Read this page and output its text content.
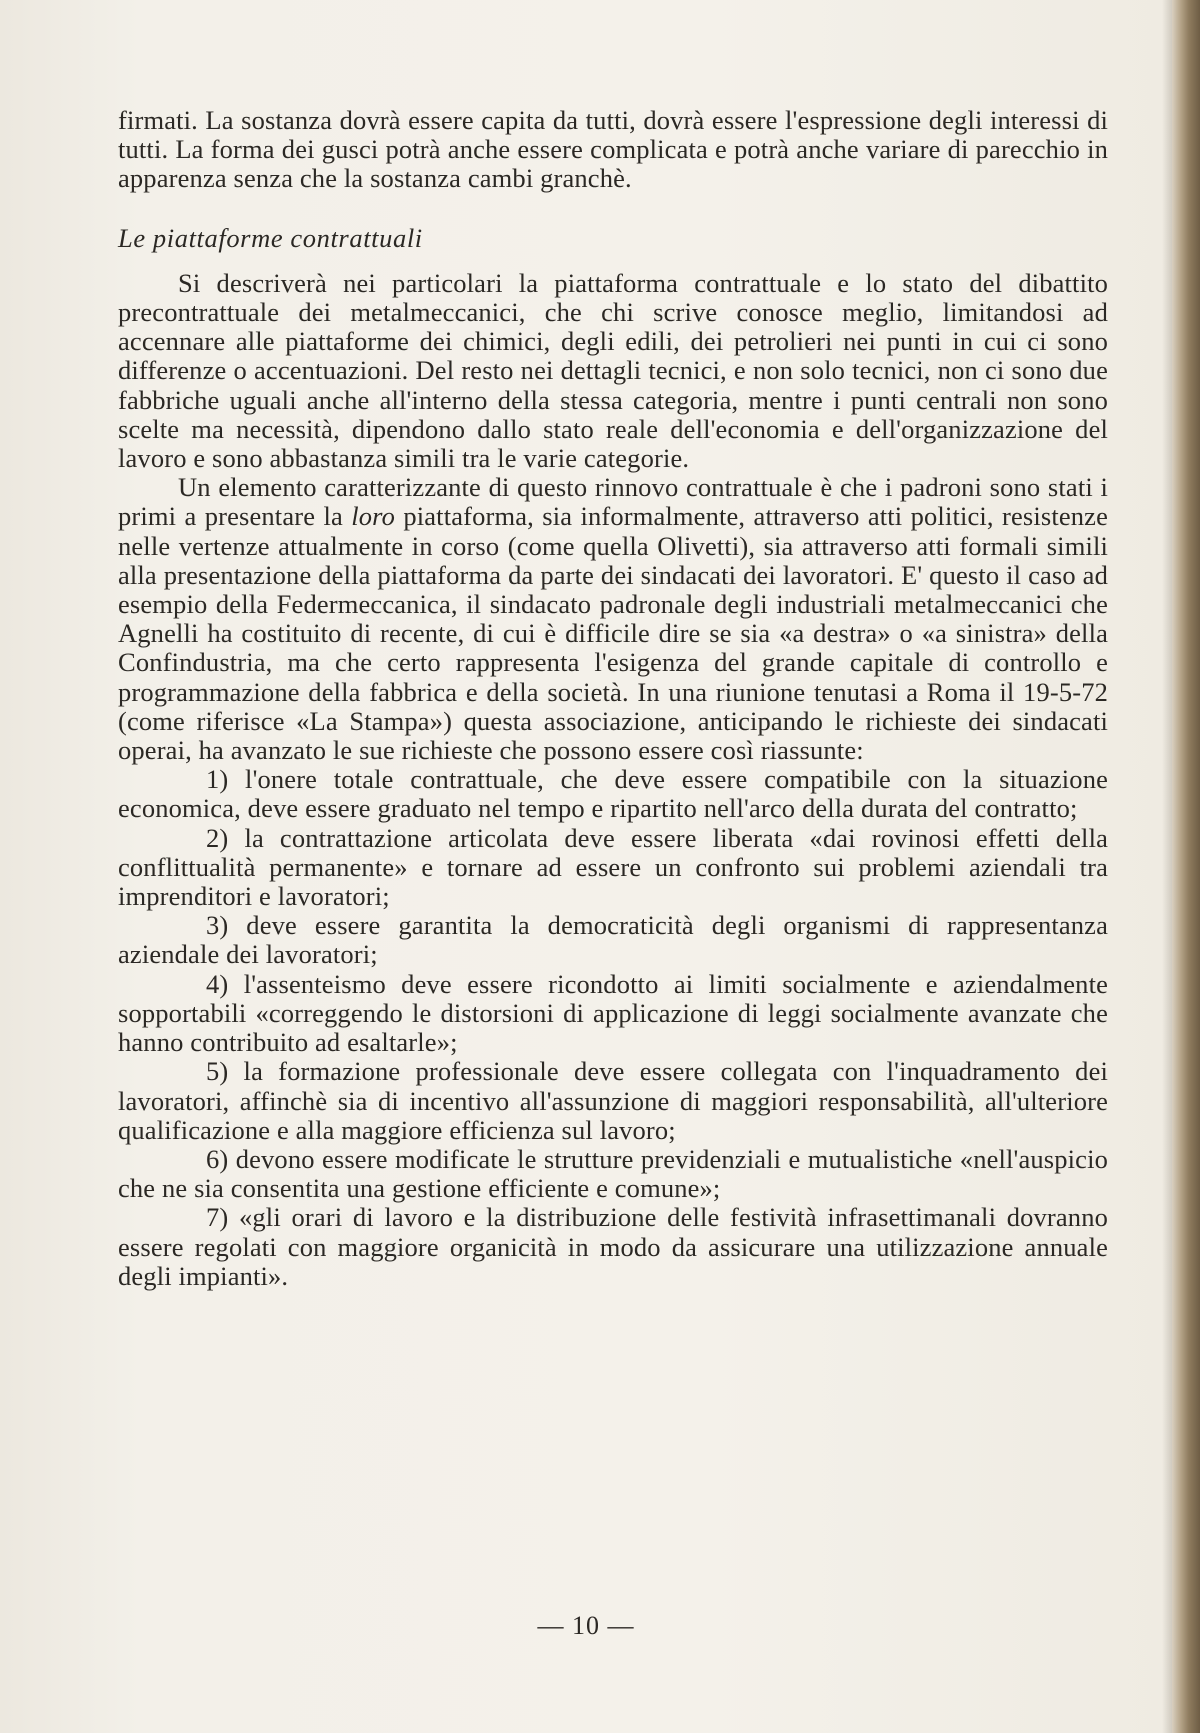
firmati. La sostanza dovrà essere capita da tutti, dovrà essere l'espressione degli interessi di tutti. La forma dei gusci potrà anche essere complicata e potrà anche variare di parecchio in apparenza senza che la sostanza cambi granchè.

Le piattaforme contrattuali

Si descriverà nei particolari la piattaforma contrattuale e lo stato del dibattito precontrattuale dei metalmeccanici, che chi scrive conosce meglio, limitandosi ad accennare alle piattaforme dei chimici, degli edili, dei petrolieri nei punti in cui ci sono differenze o accentuazioni. Del resto nei dettagli tecnici, e non solo tecnici, non ci sono due fabbriche uguali anche all'interno della stessa categoria, mentre i punti centrali non sono scelte ma necessità, dipendono dallo stato reale dell'economia e dell'organizzazione del lavoro e sono abbastanza simili tra le varie categorie.

Un elemento caratterizzante di questo rinnovo contrattuale è che i padroni sono stati i primi a presentare la loro piattaforma, sia informalmente, attraverso atti politici, resistenze nelle vertenze attualmente in corso (come quella Olivetti), sia attraverso atti formali simili alla presentazione della piattaforma da parte dei sindacati dei lavoratori. E' questo il caso ad esempio della Federmeccanica, il sindacato padronale degli industriali metalmeccanici che Agnelli ha costituito di recente, di cui è difficile dire se sia «a destra» o «a sinistra» della Confindustria, ma che certo rappresenta l'esigenza del grande capitale di controllo e programmazione della fabbrica e della società. In una riunione tenutasi a Roma il 19-5-72 (come riferisce «La Stampa») questa associazione, anticipando le richieste dei sindacati operai, ha avanzato le sue richieste che possono essere così riassunte:

1) l'onere totale contrattuale, che deve essere compatibile con la situazione economica, deve essere graduato nel tempo e ripartito nell'arco della durata del contratto;

2) la contrattazione articolata deve essere liberata «dai rovinosi effetti della conflittualità permanente» e tornare ad essere un confronto sui problemi aziendali tra imprenditori e lavoratori;

3) deve essere garantita la democraticità degli organismi di rappresentanza aziendale dei lavoratori;

4) l'assenteismo deve essere ricondotto ai limiti socialmente e aziendalmente sopportabili «correggendo le distorsioni di applicazione di leggi socialmente avanzate che hanno contribuito ad esaltarle»;

5) la formazione professionale deve essere collegata con l'inquadramento dei lavoratori, affinchè sia di incentivo all'assunzione di maggiori responsabilità, all'ulteriore qualificazione e alla maggiore efficienza sul lavoro;

6) devono essere modificate le strutture previdenziali e mutualistiche «nell'auspicio che ne sia consentita una gestione efficiente e comune»;

7) «gli orari di lavoro e la distribuzione delle festività infrasettimanali dovranno essere regolati con maggiore organicità in modo da assicurare una utilizzazione annuale degli impianti».

— 10 —
